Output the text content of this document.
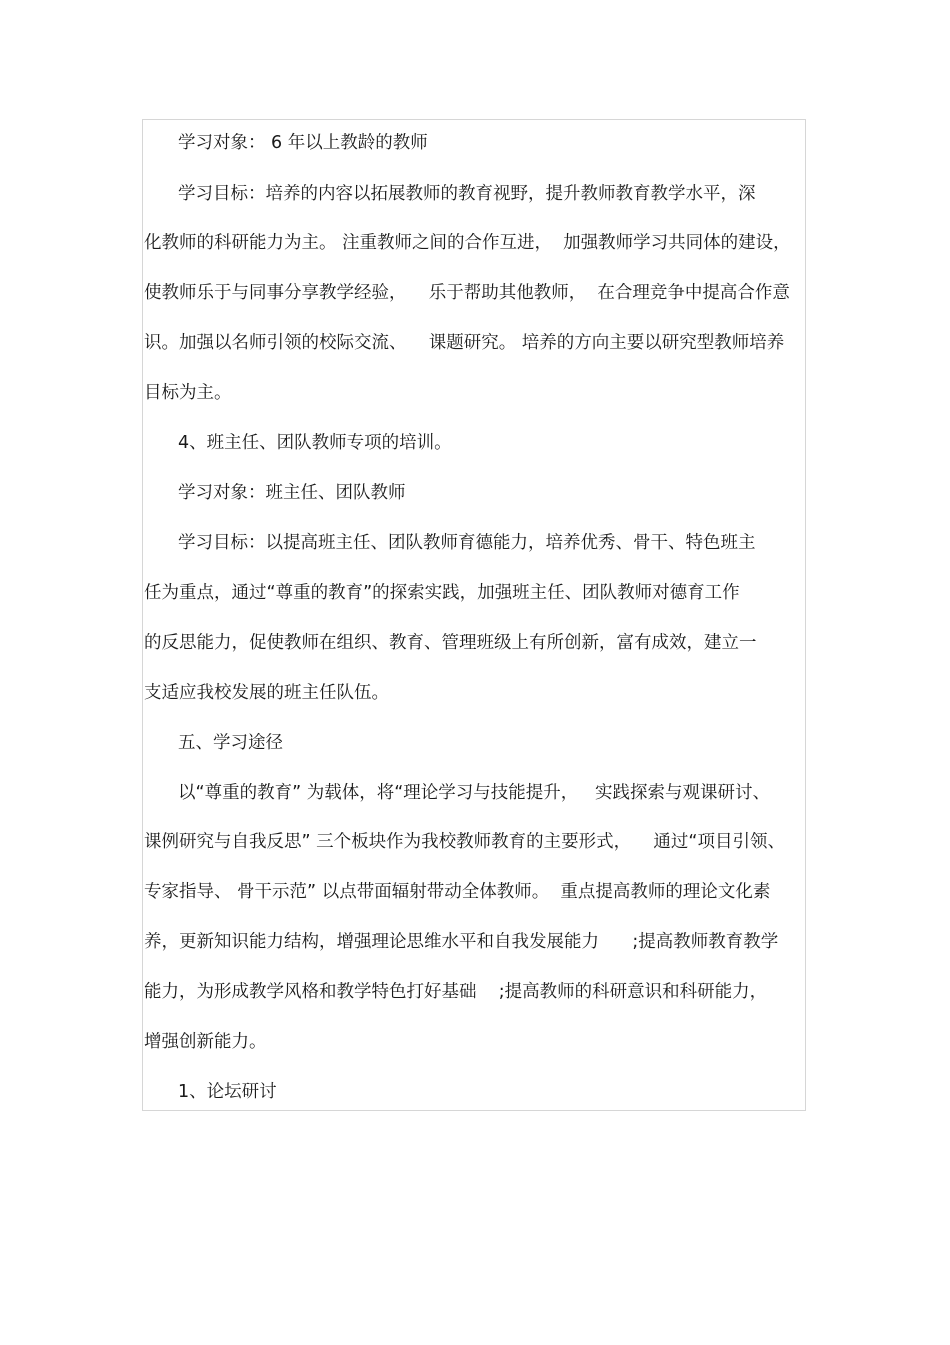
学习对象： 6 年以上教龄的教师
学习目标：培养的内容以拓展教师的教育视野，提升教师教育教学水平，深
化教师的科研能力为主。 注重教师之间的合作互进，  加强教师学习共同体的建设，
使教师乐于与同事分享教学经验，    乐于帮助其他教师，  在合理竞争中提高合作意
识。加强以名师引领的校际交流、    课题研究。 培养的方向主要以研究型教师培养
目标为主。
4、班主任、团队教师专项的培训。
学习对象：班主任、团队教师
学习目标：以提高班主任、团队教师育德能力，培养优秀、骨干、特色班主
任为重点，通过“尊重的教育”的探索实践，加强班主任、团队教师对德育工作
的反思能力，促使教师在组织、教育、管理班级上有所创新，富有成效，建立一
支适应我校发展的班主任队伍。
五、学习途径
以“尊重的教育” 为载体，将“理论学习与技能提升，   实践探索与观课研讨、
课例研究与自我反思” 三个板块作为我校教师教育的主要形式，    通过“项目引领、
专家指导、 骨干示范” 以点带面辐射带动全体教师。  重点提高教师的理论文化素
养，更新知识能力结构，增强理论思维水平和自我发展能力      ;提高教师教育教学
能力，为形成教学风格和教学特色打好基础    ;提高教师的科研意识和科研能力，
增强创新能力。
1、论坛研讨
